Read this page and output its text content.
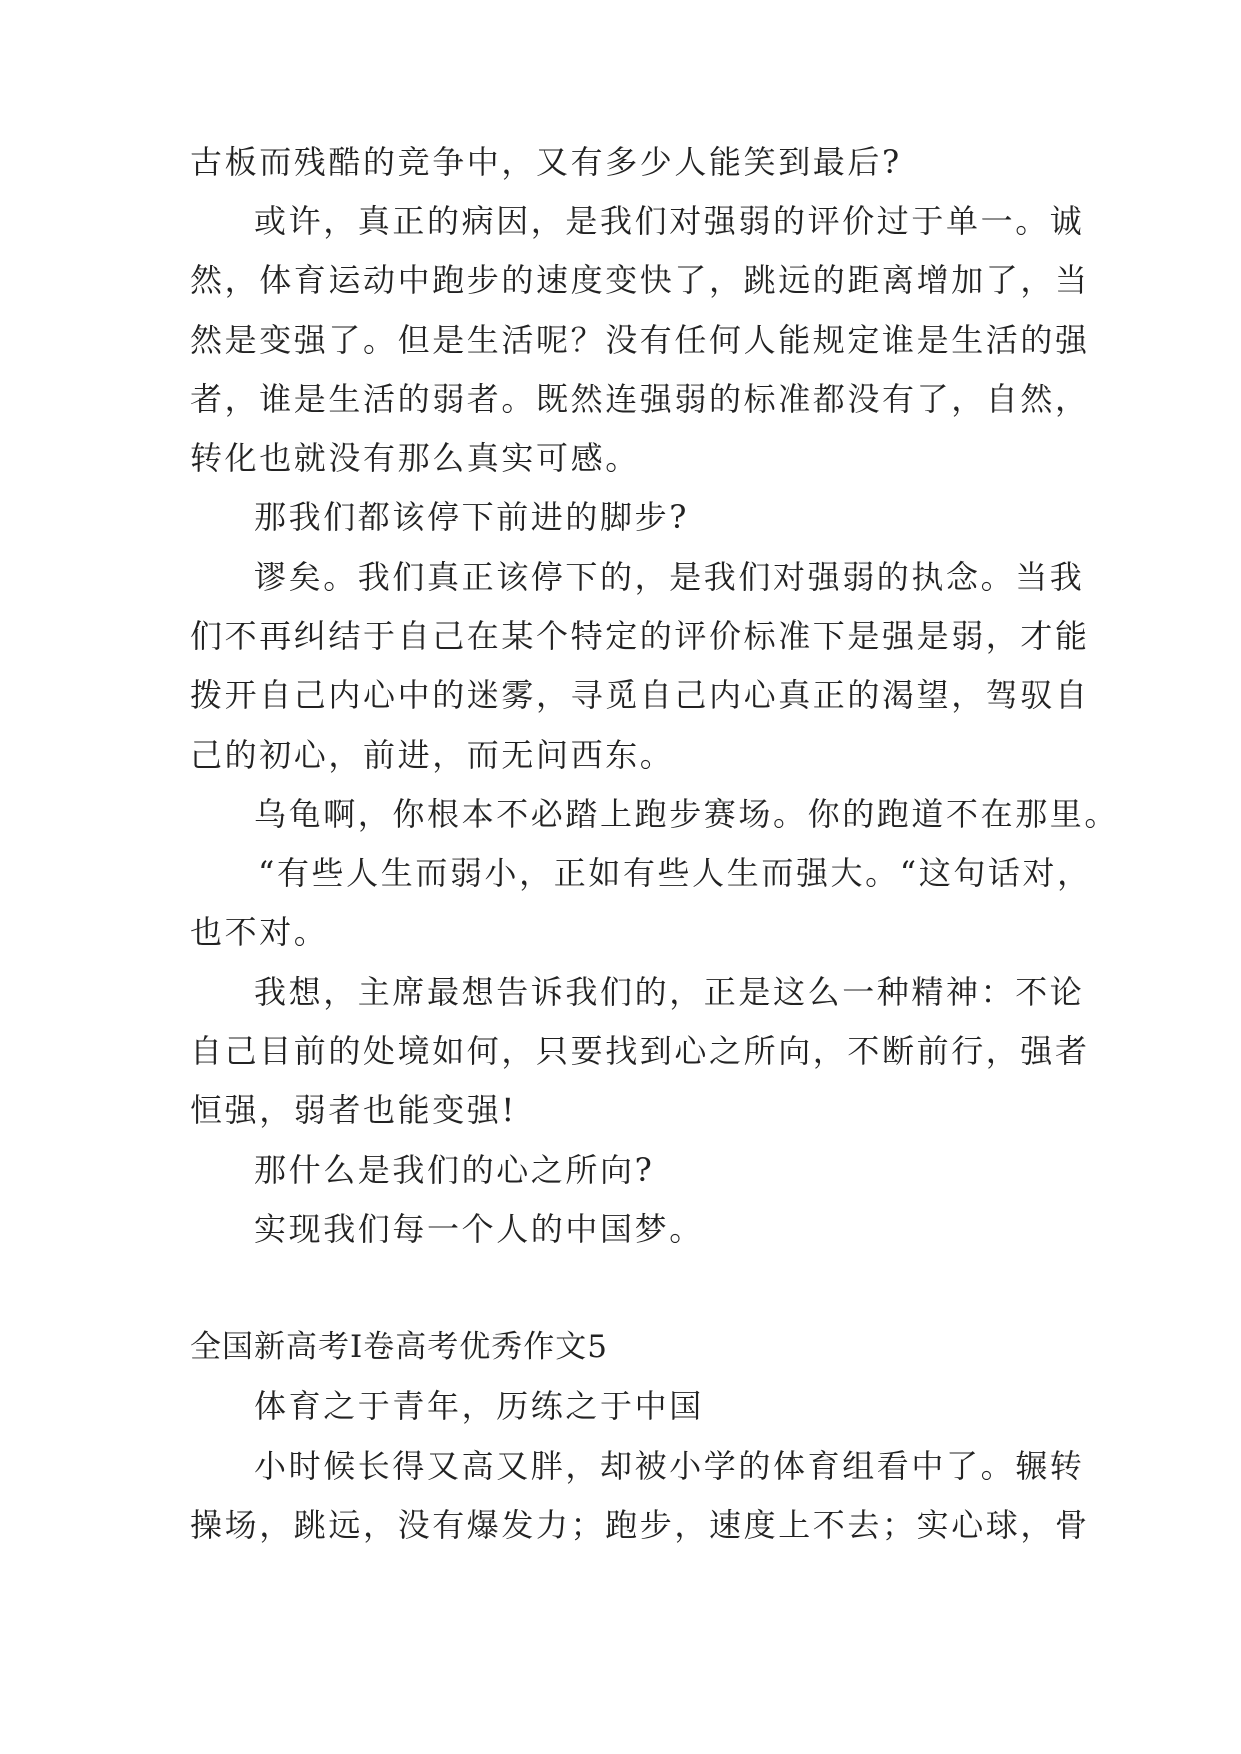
古板而残酷的竞争中，又有多少人能笑到最后?
或许，真正的病因，是我们对强弱的评价过于单一。诚
然，体育运动中跑步的速度变快了，跳远的距离增加了，当
然是变强了。但是生活呢？没有任何人能规定谁是生活的强
者，谁是生活的弱者。既然连强弱的标准都没有了，自然，
转化也就没有那么真实可感。
那我们都该停下前进的脚步?
谬矣。我们真正该停下的，是我们对强弱的执念。当我
们不再纠结于自己在某个特定的评价标准下是强是弱，才能
拨开自己内心中的迷雾，寻觅自己内心真正的渴望，驾驭自
己的初心，前进，而无问西东。
乌龟啊，你根本不必踏上跑步赛场。你的跑道不在那里。
“有些人生而弱小，正如有些人生而强大。“这句话对，
也不对。
我想，主席最想告诉我们的，正是这么一种精神：不论
自己目前的处境如何，只要找到心之所向，不断前行，强者
恒强，弱者也能变强!
那什么是我们的心之所向?
实现我们每一个人的中国梦。
全国新高考Ⅰ卷高考优秀作文5
体育之于青年，历练之于中国
小时候长得又高又胖，却被小学的体育组看中了。辗转
操场，跳远，没有爆发力；跑步，速度上不去；实心球，骨
